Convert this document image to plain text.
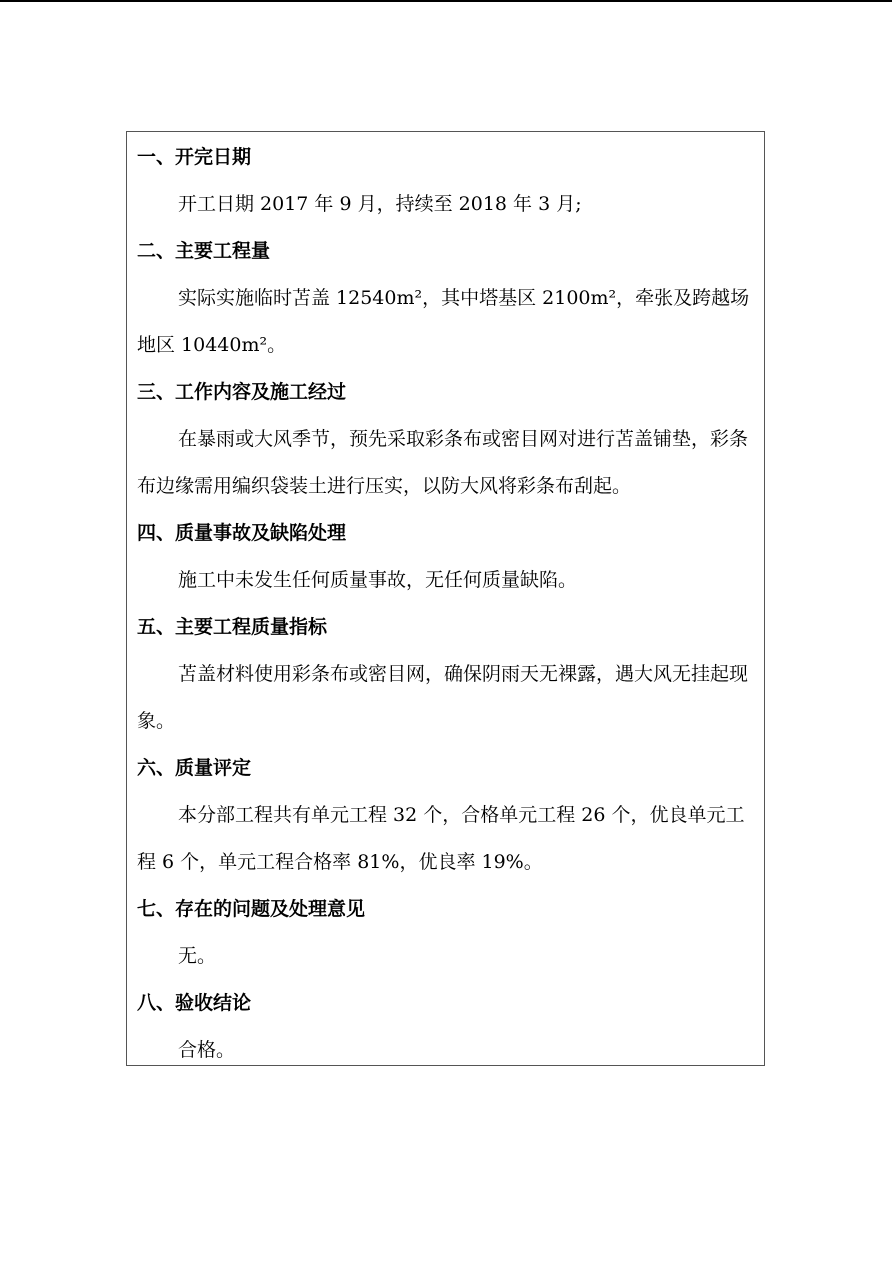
一、开完日期

开工日期 2017 年 9 月，持续至 2018 年 3 月;

二、主要工程量

实际实施临时苫盖 12540m²，其中塔基区 2100m²，牵张及跨越场地区 10440m²。

三、工作内容及施工经过

在暴雨或大风季节，预先采取彩条布或密目网对进行苫盖铺垫，彩条布边缘需用编织袋装土进行压实，以防大风将彩条布刮起。

四、质量事故及缺陷处理

施工中未发生任何质量事故，无任何质量缺陷。

五、主要工程质量指标

苫盖材料使用彩条布或密目网，确保阴雨天无裸露，遇大风无挂起现象。

六、质量评定

本分部工程共有单元工程 32 个，合格单元工程 26 个，优良单元工程 6 个，单元工程合格率 81%，优良率 19%。

七、存在的问题及处理意见

无。

八、验收结论

合格。
